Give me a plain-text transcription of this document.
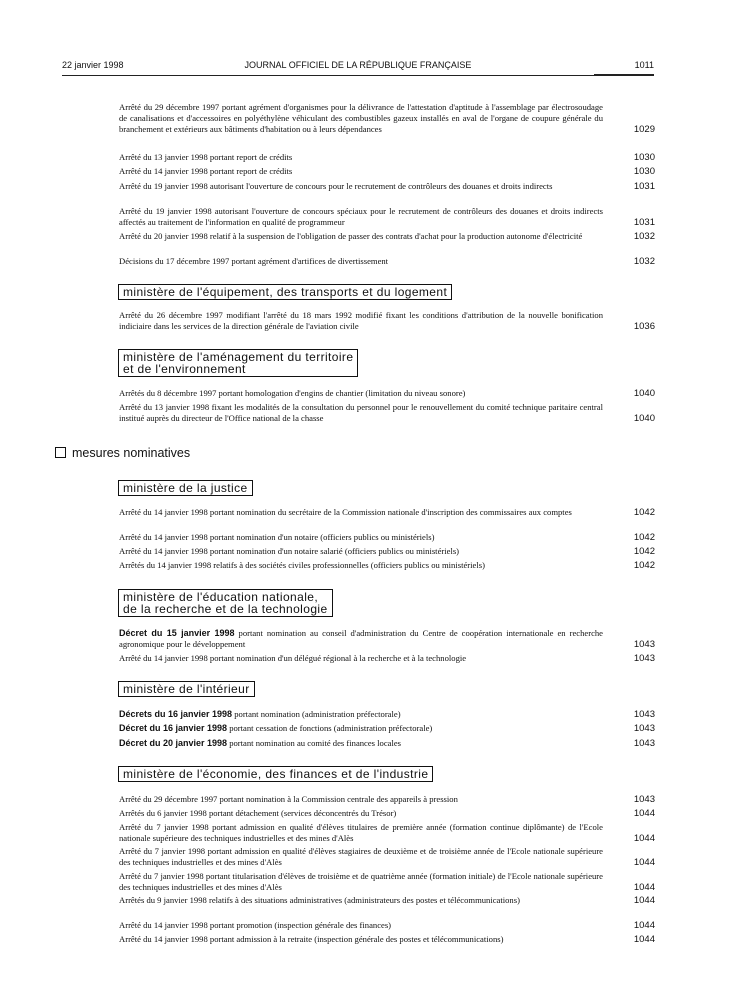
22 janvier 1998	JOURNAL OFFICIEL DE LA RÉPUBLIQUE FRANÇAISE	1011
Arrêté du 29 décembre 1997 portant agrément d'organismes pour la délivrance de l'attestation d'aptitude à l'assemblage par électrosoudage de canalisations et d'accessoires en polyéthylène véhiculant des combustibles gazeux installés en aval de l'organe de coupure générale du branchement et extérieurs aux bâtiments d'habitation ou à leurs dépendances	1029
Arrêté du 13 janvier 1998 portant report de crédits	1030
Arrêté du 14 janvier 1998 portant report de crédits	1030
Arrêté du 19 janvier 1998 autorisant l'ouverture de concours pour le recrutement de contrôleurs des douanes et droits indirects	1031
Arrêté du 19 janvier 1998 autorisant l'ouverture de concours spéciaux pour le recrutement de contrôleurs des douanes et droits indirects affectés au traitement de l'information en qualité de programmeur	1031
Arrêté du 20 janvier 1998 relatif à la suspension de l'obligation de passer des contrats d'achat pour la production autonome d'électricité	1032
Décisions du 17 décembre 1997 portant agrément d'artifices de divertissement	1032
ministère de l'équipement, des transports et du logement
Arrêté du 26 décembre 1997 modifiant l'arrêté du 18 mars 1992 modifié fixant les conditions d'attribution de la nouvelle bonification indiciaire dans les services de la direction générale de l'aviation civile	1036
ministère de l'aménagement du territoire
et de l'environnement
Arrêtés du 8 décembre 1997 portant homologation d'engins de chantier (limitation du niveau sonore)	1040
Arrêté du 13 janvier 1998 fixant les modalités de la consultation du personnel pour le renouvellement du comité technique paritaire central institué auprès du directeur de l'Office national de la chasse	1040
mesures nominatives
ministère de la justice
Arrêté du 14 janvier 1998 portant nomination du secrétaire de la Commission nationale d'inscription des commissaires aux comptes	1042
Arrêté du 14 janvier 1998 portant nomination d'un notaire (officiers publics ou ministériels)	1042
Arrêté du 14 janvier 1998 portant nomination d'un notaire salarié (officiers publics ou ministériels)	1042
Arrêtés du 14 janvier 1998 relatifs à des sociétés civiles professionnelles (officiers publics ou ministériels)	1042
ministère de l'éducation nationale,
de la recherche et de la technologie
Décret du 15 janvier 1998 portant nomination au conseil d'administration du Centre de coopération internationale en recherche agronomique pour le développement	1043
Arrêté du 14 janvier 1998 portant nomination d'un délégué régional à la recherche et à la technologie	1043
ministère de l'intérieur
Décrets du 16 janvier 1998 portant nomination (administration préfectorale)	1043
Décret du 16 janvier 1998 portant cessation de fonctions (administration préfectorale)	1043
Décret du 20 janvier 1998 portant nomination au comité des finances locales	1043
ministère de l'économie, des finances et de l'industrie
Arrêté du 29 décembre 1997 portant nomination à la Commission centrale des appareils à pression	1043
Arrêtés du 6 janvier 1998 portant détachement (services déconcentrés du Trésor)	1044
Arrêté du 7 janvier 1998 portant admission en qualité d'élèves titulaires de première année (formation continue diplômante) de l'Ecole nationale supérieure des techniques industrielles et des mines d'Alès	1044
Arrêté du 7 janvier 1998 portant admission en qualité d'élèves stagiaires de deuxième et de troisième année de l'Ecole nationale supérieure des techniques industrielles et des mines d'Alès	1044
Arrêté du 7 janvier 1998 portant titularisation d'élèves de troisième et de quatrième année (formation initiale) de l'Ecole nationale supérieure des techniques industrielles et des mines d'Alès	1044
Arrêtés du 9 janvier 1998 relatifs à des situations administratives (administrateurs des postes et télécommunications)	1044
Arrêté du 14 janvier 1998 portant promotion (inspection générale des finances)	1044
Arrêté du 14 janvier 1998 portant admission à la retraite (inspection générale des postes et télécommunications)	1044
